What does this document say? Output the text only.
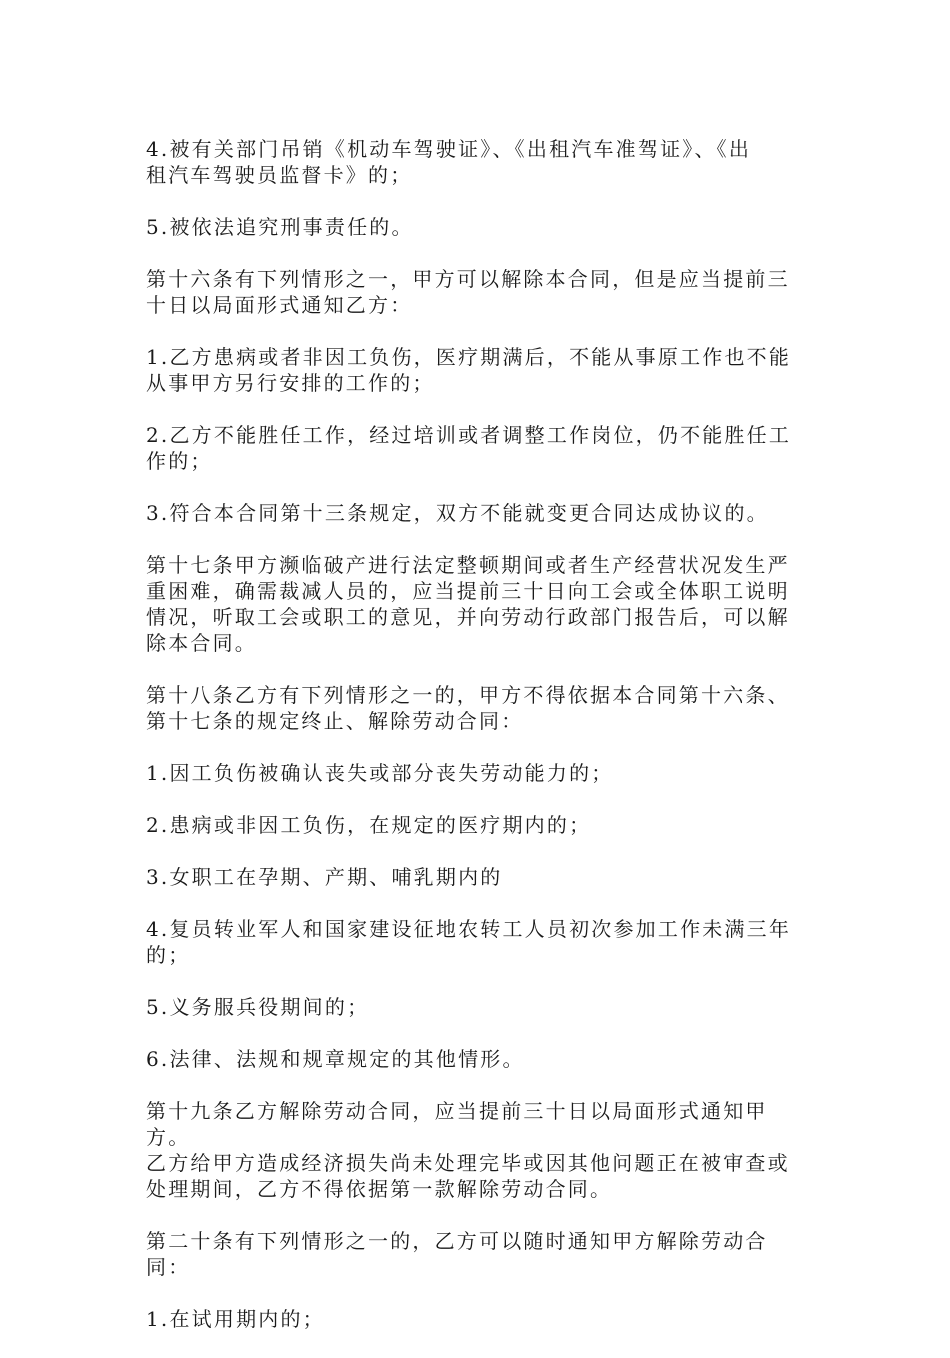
4.被有关部门吊销《机动车驾驶证》、《出租汽车准驾证》、《出
租汽车驾驶员监督卡》的；

5.被依法追究刑事责任的。

第十六条有下列情形之一，甲方可以解除本合同，但是应当提前三
十日以局面形式通知乙方：

1.乙方患病或者非因工负伤，医疗期满后，不能从事原工作也不能
从事甲方另行安排的工作的；

2.乙方不能胜任工作，经过培训或者调整工作岗位，仍不能胜任工
作的；

3.符合本合同第十三条规定，双方不能就变更合同达成协议的。

第十七条甲方濒临破产进行法定整顿期间或者生产经营状况发生严
重困难，确需裁减人员的，应当提前三十日向工会或全体职工说明
情况，听取工会或职工的意见，并向劳动行政部门报告后，可以解
除本合同。

第十八条乙方有下列情形之一的，甲方不得依据本合同第十六条、
第十七条的规定终止、解除劳动合同：

1.因工负伤被确认丧失或部分丧失劳动能力的；

2.患病或非因工负伤，在规定的医疗期内的；

3.女职工在孕期、产期、哺乳期内的

4.复员转业军人和国家建设征地农转工人员初次参加工作未满三年
的；

5.义务服兵役期间的；

6.法律、法规和规章规定的其他情形。

第十九条乙方解除劳动合同，应当提前三十日以局面形式通知甲方。
乙方给甲方造成经济损失尚未处理完毕或因其他问题正在被审查或
处理期间，乙方不得依据第一款解除劳动合同。

第二十条有下列情形之一的，乙方可以随时通知甲方解除劳动合同：

1.在试用期内的；
